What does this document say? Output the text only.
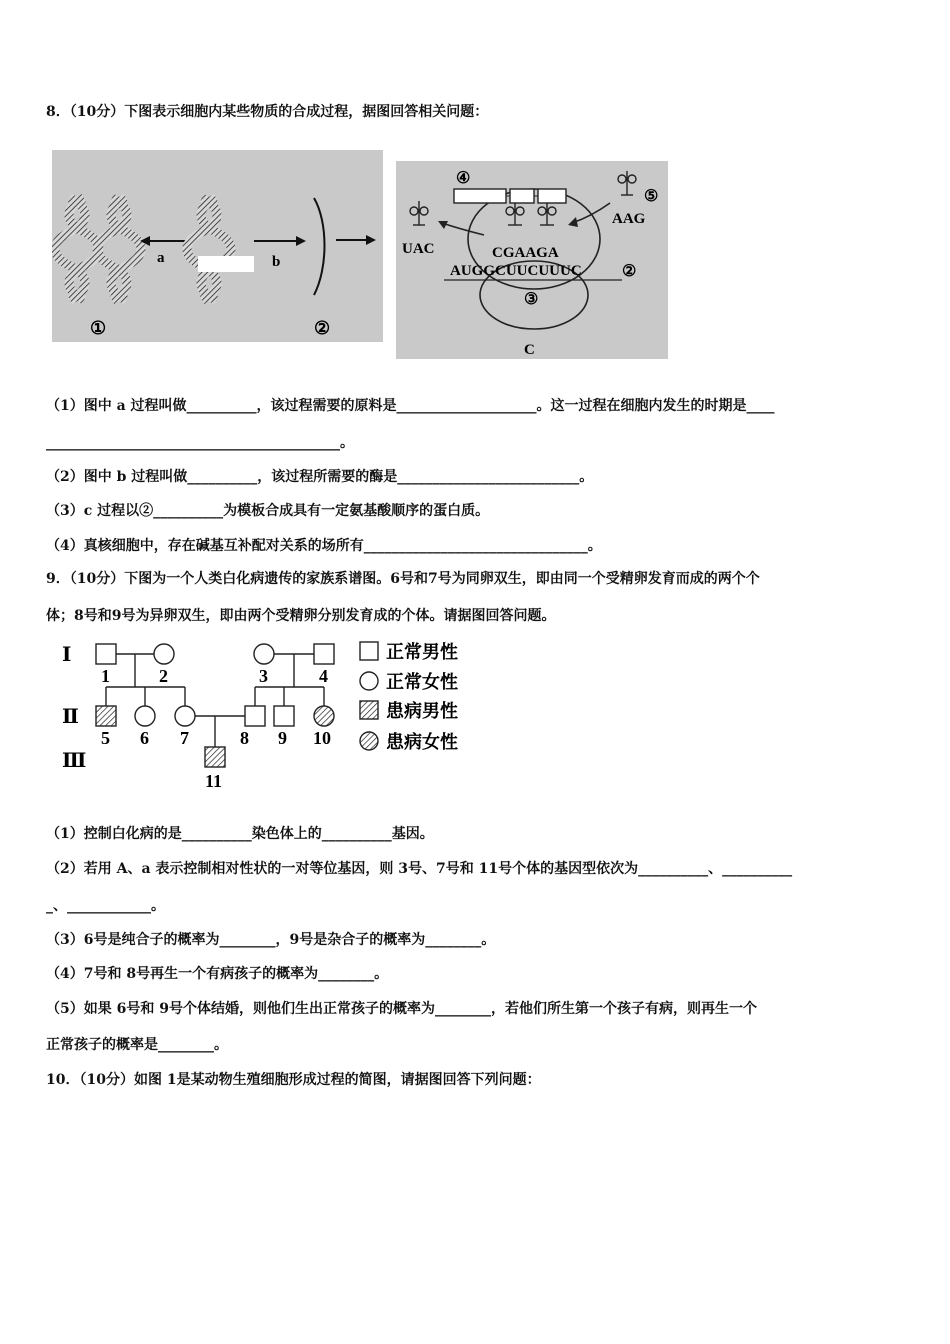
8．（10分）下图表示细胞内某些物质的合成过程，据图回答相关问题：
a	b
①	②
④
UAC
⑤
AAG
CGAAGA
AUGGCUUCUUUC	②
③
C
（1）图中 a 过程叫做__________，该过程需要的原料是____________________。这一过程在细胞内发生的时期是____
__________________________________________。
（2）图中 b 过程叫做__________，该过程所需要的酶是__________________________。
（3）c 过程以②__________为模板合成具有一定氨基酸顺序的蛋白质。
（4）真核细胞中，存在碱基互补配对关系的场所有________________________________。
9．（10分）下图为一个人类白化病遗传的家族系谱图。6号和7号为同卵双生，即由同一个受精卵发育而成的两个个
体；8号和9号为异卵双生，即由两个受精卵分别发育成的个体。请据图回答问题。
Ⅰ
Ⅱ
Ⅲ
1	2	3	4
5 6 7	8 9 10
11
正常男性
正常女性
患病男性
患病女性
（1）控制白化病的是__________染色体上的__________基因。
（2）若用 A、a 表示控制相对性状的一对等位基因，则 3号、7号和 11号个体的基因型依次为__________、__________
_、____________。
（3）6号是纯合子的概率为________，9号是杂合子的概率为________。
（4）7号和 8号再生一个有病孩子的概率为________。
（5）如果 6号和 9号个体结婚，则他们生出正常孩子的概率为________，若他们所生第一个孩子有病，则再生一个
正常孩子的概率是________。
10．（10分）如图 1是某动物生殖细胞形成过程的简图，请据图回答下列问题：
